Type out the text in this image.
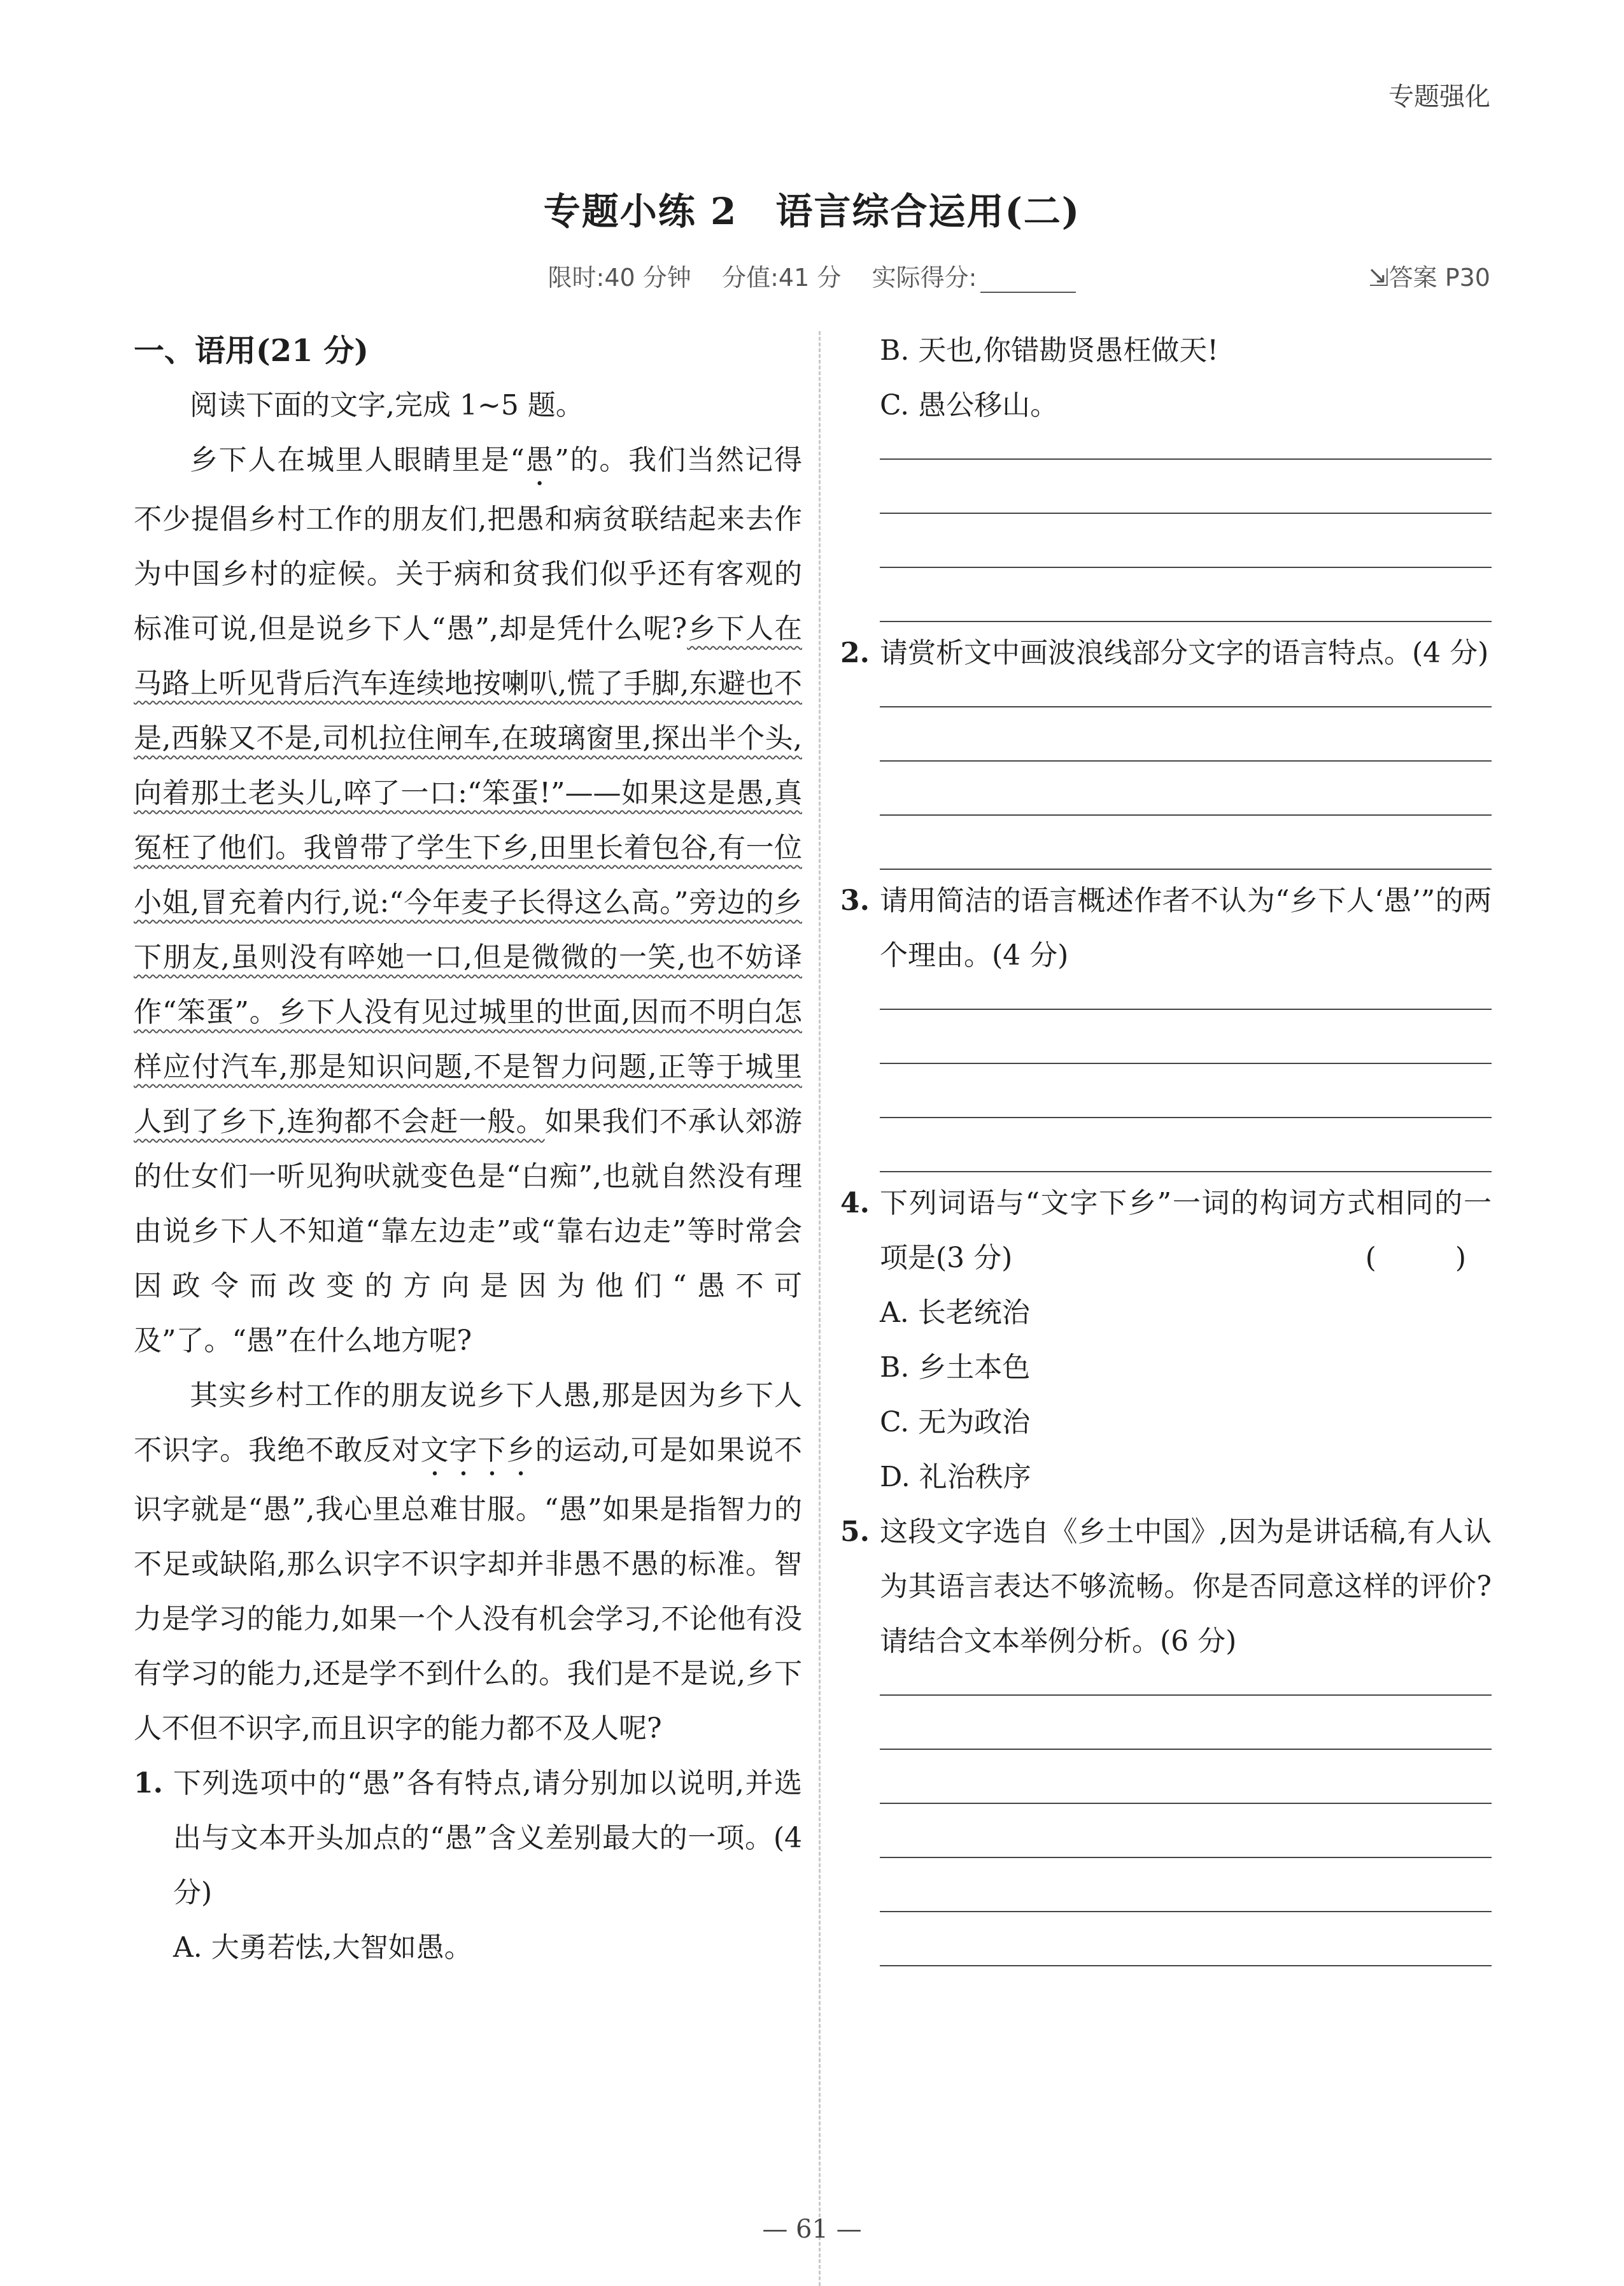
专题强化
专题小练 2　语言综合运用(二)
限时:40 分钟 分值:41 分 实际得分:	⇲答案 P30
一、语用(21 分)

阅读下面的文字,完成 1~5 题。

乡下人在城里人眼睛里是“愚”的。我们当然记得不少提倡乡村工作的朋友们,把愚和病贫联结起来去作为中国乡村的症候。关于病和贫我们似乎还有客观的标准可说,但是说乡下人“愚”,却是凭什么呢?乡下人在马路上听见背后汽车连续地按喇叭,慌了手脚,东避也不是,西躲又不是,司机拉住闸车,在玻璃窗里,探出半个头,向着那土老头儿,啐了一口:“笨蛋!”——如果这是愚,真冤枉了他们。我曾带了学生下乡,田里长着包谷,有一位小姐,冒充着内行,说:“今年麦子长得这么高。”旁边的乡下朋友,虽则没有啐她一口,但是微微的一笑,也不妨译作“笨蛋”。乡下人没有见过城里的世面,因而不明白怎样应付汽车,那是知识问题,不是智力问题,正等于城里人到了乡下,连狗都不会赶一般。如果我们不承认郊游的仕女们一听见狗吠就变色是“白痴”,也就自然没有理由说乡下人不知道“靠左边走”或“靠右边走”等时常会因政令而改变的方向是因为他们“愚不可及”了。“愚”在什么地方呢?

其实乡村工作的朋友说乡下人愚,那是因为乡下人不识字。我绝不敢反对文字下乡的运动,可是如果说不识字就是“愚”,我心里总难甘服。“愚”如果是指智力的不足或缺陷,那么识字不识字却并非愚不愚的标准。智力是学习的能力,如果一个人没有机会学习,不论他有没有学习的能力,还是学不到什么的。我们是不是说,乡下人不但不识字,而且识字的能力都不及人呢?

1. 下列选项中的“愚”各有特点,请分别加以说明,并选出与文本开头加点的“愚”含义差别最大的一项。(4 分)
A. 大勇若怯,大智如愚。
B. 天也,你错勘贤愚枉做天!
C. 愚公移山。
2. 请赏析文中画波浪线部分文字的语言特点。(4 分)
3. 请用简洁的语言概述作者不认为“乡下人‘愚’”的两个理由。(4 分)
4. 下列词语与“文字下乡”一词的构词方式相同的一项是(3 分)	(　)
A. 长老统治
B. 乡土本色
C. 无为政治
D. 礼治秩序
5. 这段文字选自《乡土中国》,因为是讲话稿,有人认为其语言表达不够流畅。你是否同意这样的评价?请结合文本举例分析。(6 分)
— 61 —
